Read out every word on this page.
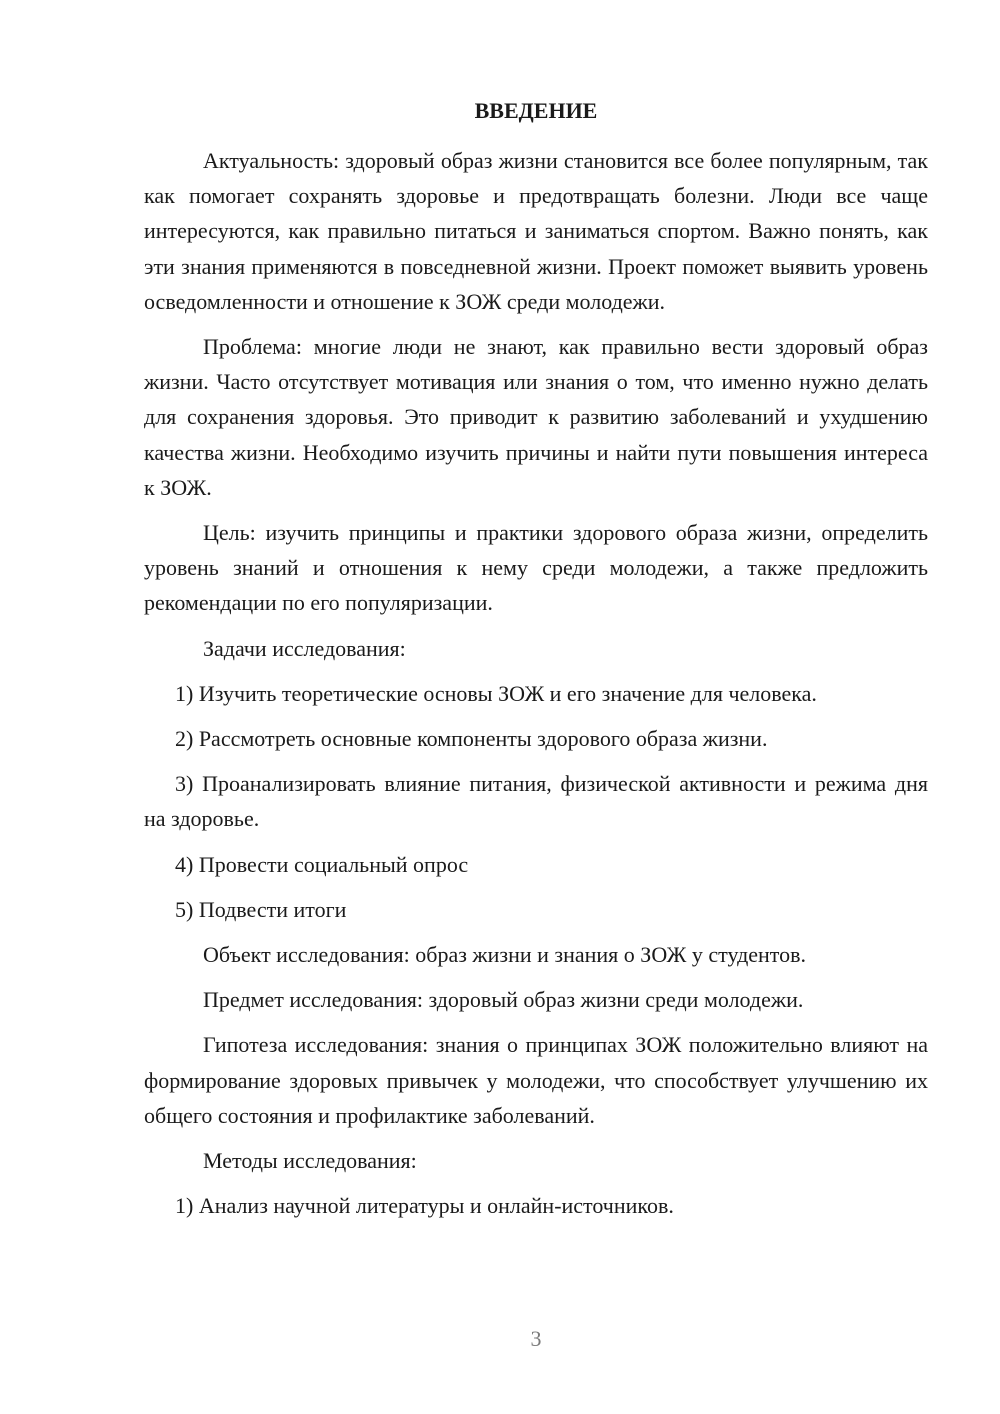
ВВЕДЕНИЕ
Актуальность: здоровый образ жизни становится все более популярным, так как помогает сохранять здоровье и предотвращать болезни. Люди все чаще интересуются, как правильно питаться и заниматься спортом. Важно понять, как эти знания применяются в повседневной жизни. Проект поможет выявить уровень осведомленности и отношение к ЗОЖ среди молодежи.
Проблема: многие люди не знают, как правильно вести здоровый образ жизни. Часто отсутствует мотивация или знания о том, что именно нужно делать для сохранения здоровья. Это приводит к развитию заболеваний и ухудшению качества жизни. Необходимо изучить причины и найти пути повышения интереса к ЗОЖ.
Цель: изучить принципы и практики здорового образа жизни, определить уровень знаний и отношения к нему среди молодежи, а также предложить рекомендации по его популяризации.
Задачи исследования:
1) Изучить теоретические основы ЗОЖ и его значение для человека.
2) Рассмотреть основные компоненты здорового образа жизни.
3) Проанализировать влияние питания, физической активности и режима дня на здоровье.
4) Провести социальный опрос
5) Подвести итоги
Объект исследования: образ жизни и знания о ЗОЖ у студентов.
Предмет исследования: здоровый образ жизни среди молодежи.
Гипотеза исследования: знания о принципах ЗОЖ положительно влияют на формирование здоровых привычек у молодежи, что способствует улучшению их общего состояния и профилактике заболеваний.
Методы исследования:
1) Анализ научной литературы и онлайн-источников.
3
